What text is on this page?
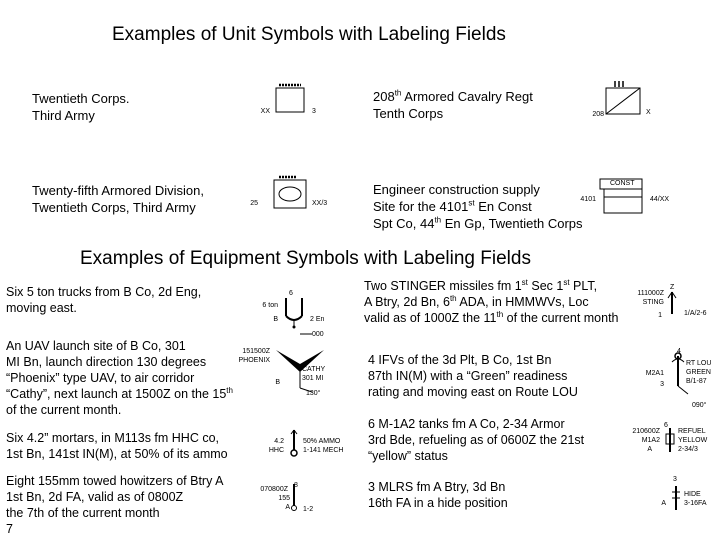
Examples of Unit Symbols with Labeling Fields
Examples of Equipment Symbols with Labeling Fields
Twentieth Corps.
Third Army	XX	3
208th Armored Cavalry Regt
Tenth Corps	208	X
Twenty-fifth Armored Division,
Twentieth Corps, Third Army	25	XX/3
Engineer construction supply
Site for the 4101st En Const
Spt Co, 44th En Gp, Twentieth Corps
CONST
4101	44/XX
Six 5 ton trucks from B Co, 2d Eng,
moving east.
6
6 ton
B	2 En
An UAV launch site of B Co, 301
MI Bn, launch direction 130 degrees
“Phoenix” type UAV, to air corridor
“Cathy”, next launch at 1500Z on the 15th
of the current month.
000
151500Z
PHOENIX
B
CATHY
301 MI
130°
Six 4.2” mortars, in M113s fm HHC co,
1st Bn, 141st IN(M), at 50% of its ammo
4.2
HHC
50% AMMO
1-141 MECH
Eight 155mm towed howitzers of Btry A
1st Bn, 2d FA, valid as of 0800Z
the 7th of the current month
7
8
070800Z
155
A 1-2
Two STINGER missiles fm 1st Sec 1st PLT,
A Btry, 2d Bn, 6th ADA, in HMMWVs, Loc
valid as of 1000Z the 11th of the current month
Z
111000Z
STING
1	1/A/2-6
4 IFVs of the 3d Plt, B Co, 1st Bn
87th IN(M) with a “Green” readiness
rating and moving east on Route LOU
4
M2A1
3
RT LOU
GREEN
B/1-87
090°
6 M-1A2 tanks fm A Co, 2-34 Armor
3rd Bde, refueling as of 0600Z the 21st
“yellow” status
6
210600Z
M1A2
A
REFUEL
YELLOW
2-34/3
3 MLRS fm A Btry, 3d Bn
16th FA in a hide position
3
A
HIDE
3-16FA
